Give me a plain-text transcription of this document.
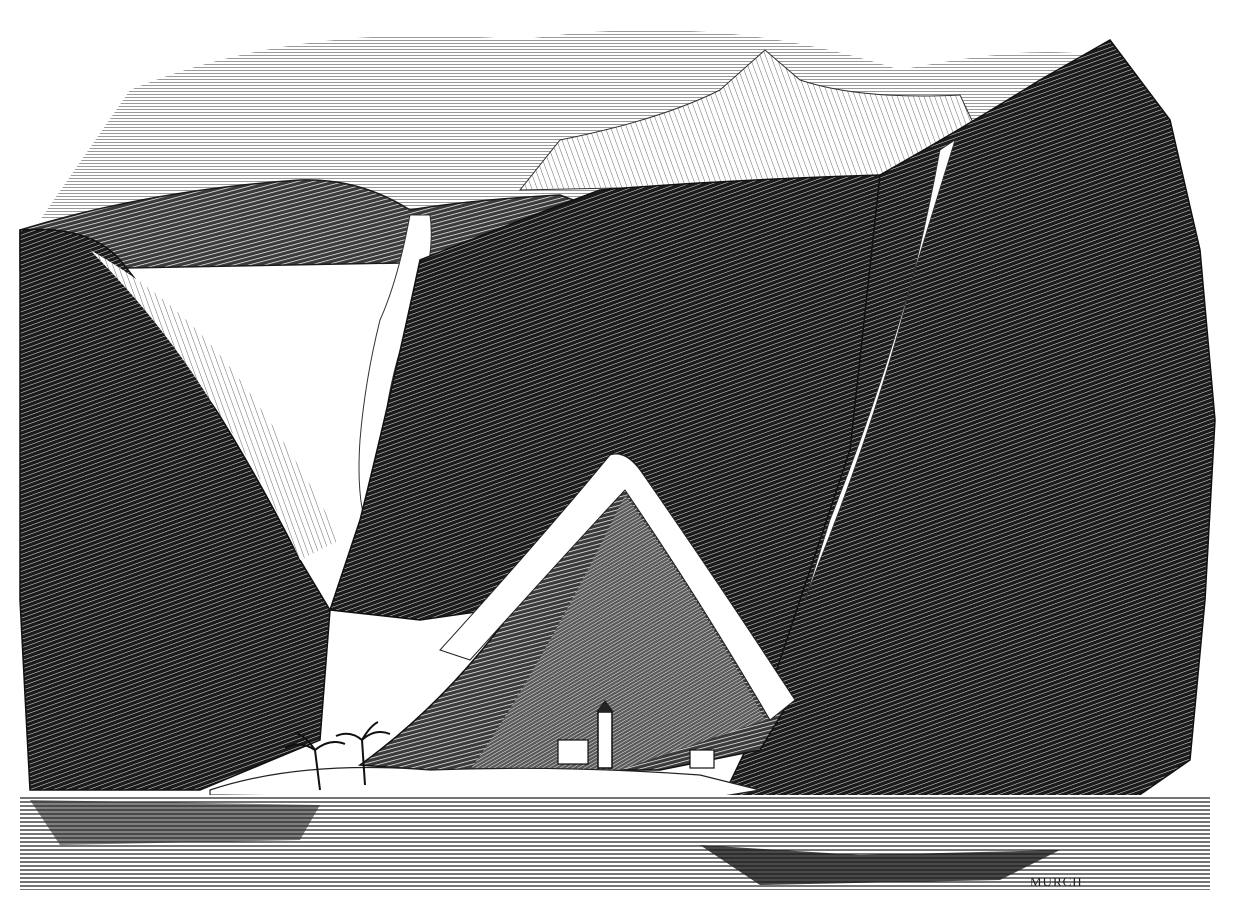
MURCH
